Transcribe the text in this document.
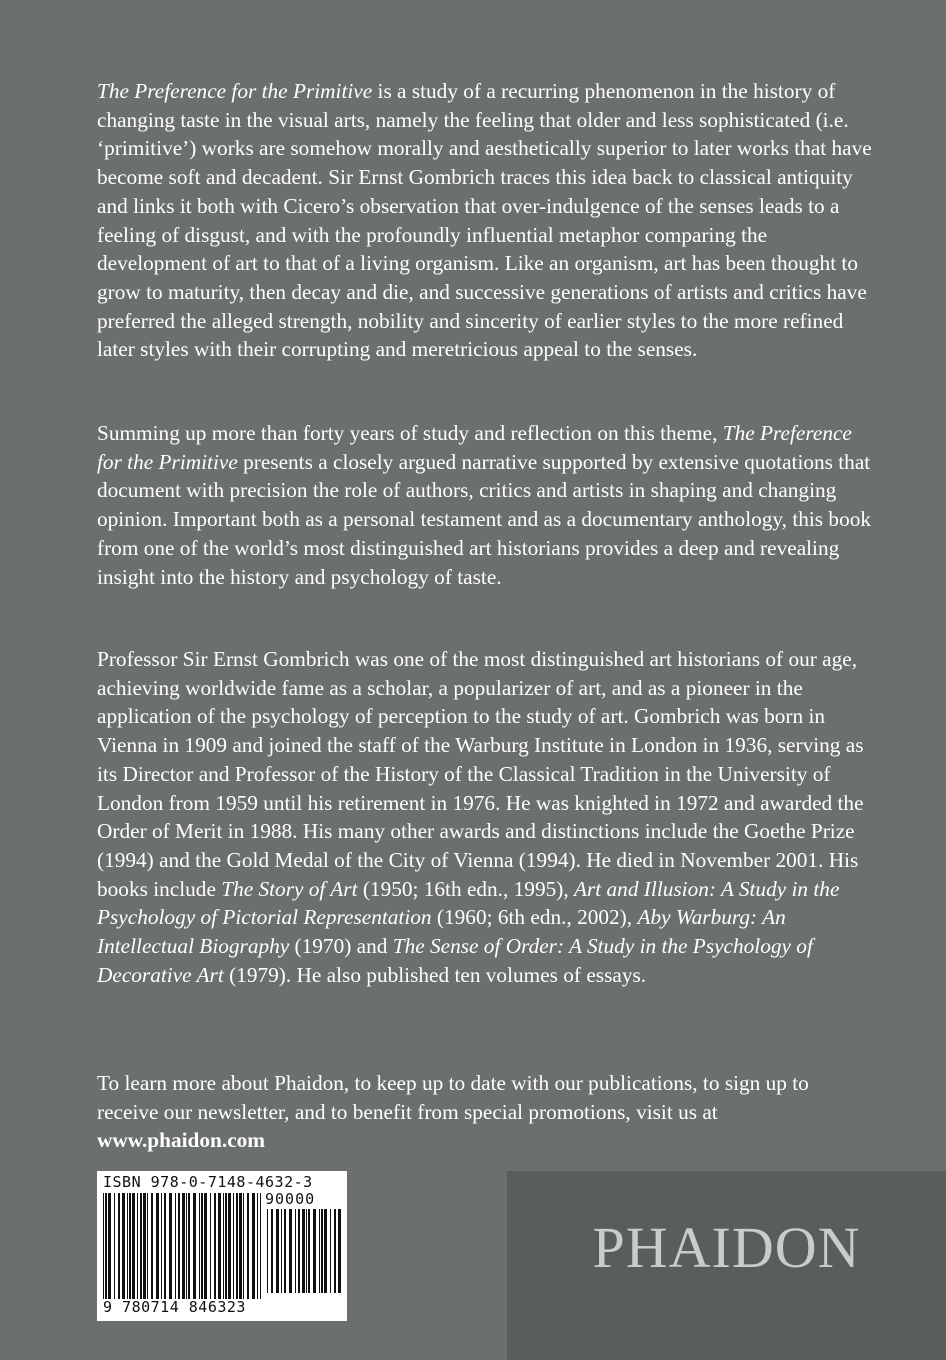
The Preference for the Primitive is a study of a recurring phenomenon in the history of changing taste in the visual arts, namely the feeling that older and less sophisticated (i.e. ‘primitive’) works are somehow morally and aesthetically superior to later works that have become soft and decadent. Sir Ernst Gombrich traces this idea back to classical antiquity and links it both with Cicero’s observation that over-indulgence of the senses leads to a feeling of disgust, and with the profoundly influential metaphor comparing the development of art to that of a living organism. Like an organism, art has been thought to grow to maturity, then decay and die, and successive generations of artists and critics have preferred the alleged strength, nobility and sincerity of earlier styles to the more refined later styles with their corrupting and meretricious appeal to the senses.

Summing up more than forty years of study and reflection on this theme, The Preference for the Primitive presents a closely argued narrative supported by extensive quotations that document with precision the role of authors, critics and artists in shaping and changing opinion. Important both as a personal testament and as a documentary anthology, this book from one of the world’s most distinguished art historians provides a deep and revealing insight into the history and psychology of taste.

Professor Sir Ernst Gombrich was one of the most distinguished art historians of our age, achieving worldwide fame as a scholar, a popularizer of art, and as a pioneer in the application of the psychology of perception to the study of art. Gombrich was born in Vienna in 1909 and joined the staff of the Warburg Institute in London in 1936, serving as its Director and Professor of the History of the Classical Tradition in the University of London from 1959 until his retirement in 1976. He was knighted in 1972 and awarded the Order of Merit in 1988. His many other awards and distinctions include the Goethe Prize (1994) and the Gold Medal of the City of Vienna (1994). He died in November 2001. His books include The Story of Art (1950; 16th edn., 1995), Art and Illusion: A Study in the Psychology of Pictorial Representation (1960; 6th edn., 2002), Aby Warburg: An Intellectual Biography (1970) and The Sense of Order: A Study in the Psychology of Decorative Art (1979). He also published ten volumes of essays.

To learn more about Phaidon, to keep up to date with our publications, to sign up to receive our newsletter, and to benefit from special promotions, visit us at www.phaidon.com

ISBN 978-0-7148-4632-3
90000
9 780714 846323
PHAIDON
